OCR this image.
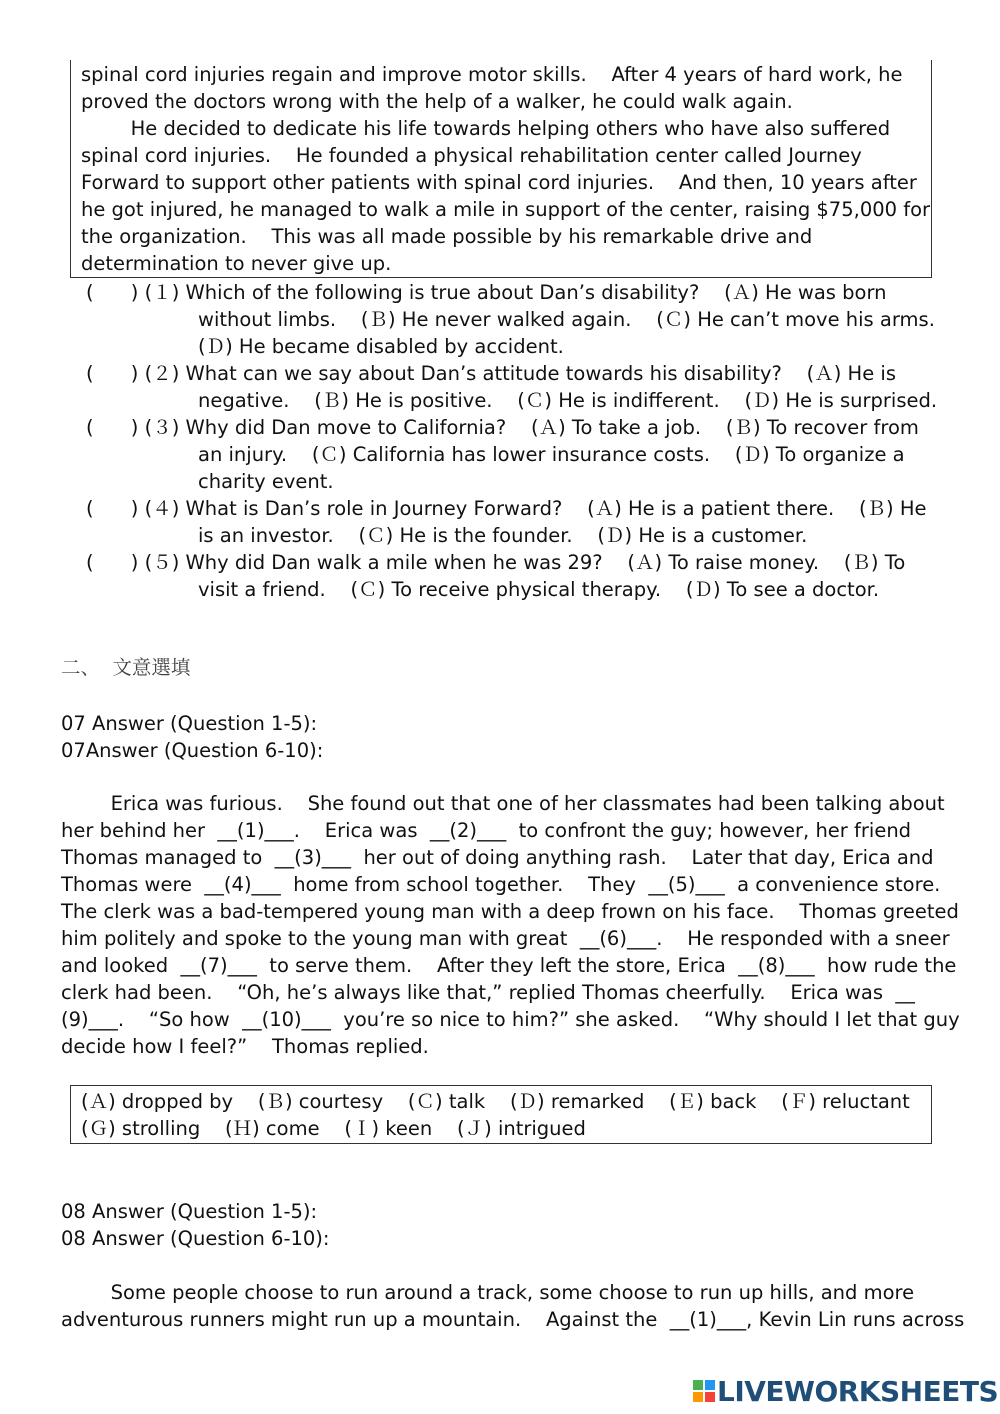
spinal cord injuries regain and improve motor skills.    After 4 years of hard work, he
proved the doctors wrong with the help of a walker, he could walk again.
He decided to dedicate his life towards helping others who have also suffered
spinal cord injuries.    He founded a physical rehabilitation center called Journey
Forward to support other patients with spinal cord injuries.    And then, 10 years after
he got injured, he managed to walk a mile in support of the center, raising $75,000 for
the organization.    This was all made possible by his remarkable drive and
determination to never give up.
(      ) (１) Which of the following is true about Dan’s disability?    (Ａ) He was born
without limbs.    (Ｂ) He never walked again.    (Ｃ) He can’t move his arms.
(Ｄ) He became disabled by accident.
(      ) (２) What can we say about Dan’s attitude towards his disability?    (Ａ) He is
negative.    (Ｂ) He is positive.    (Ｃ) He is indifferent.    (Ｄ) He is surprised.
(      ) (３) Why did Dan move to California?    (Ａ) To take a job.    (Ｂ) To recover from
an injury.    (Ｃ) California has lower insurance costs.    (Ｄ) To organize a
charity event.
(      ) (４) What is Dan’s role in Journey Forward?    (Ａ) He is a patient there.    (Ｂ) He
is an investor.    (Ｃ) He is the founder.    (Ｄ) He is a customer.
(      ) (５) Why did Dan walk a mile when he was 29?    (Ａ) To raise money.    (Ｂ) To
visit a friend.    (Ｃ) To receive physical therapy.    (Ｄ) To see a doctor.
二、  文意選填
07 Answer (Question 1-5):
07Answer (Question 6-10):
Erica was furious.    She found out that one of her classmates had been talking about
her behind her  __(1)___.    Erica was  __(2)___  to confront the guy; however, her friend
Thomas managed to  __(3)___  her out of doing anything rash.    Later that day, Erica and
Thomas were  __(4)___  home from school together.    They  __(5)___  a convenience store.
The clerk was a bad-tempered young man with a deep frown on his face.    Thomas greeted
him politely and spoke to the young man with great  __(6)___.    He responded with a sneer
and looked  __(7)___  to serve them.    After they left the store, Erica  __(8)___  how rude the
clerk had been.    “Oh, he’s always like that,” replied Thomas cheerfully.    Erica was  __
(9)___.    “So how  __(10)___  you’re so nice to him?” she asked.    “Why should I let that guy
decide how I feel?”    Thomas replied.
(Ａ) dropped by    (Ｂ) courtesy    (Ｃ) talk    (Ｄ) remarked    (Ｅ) back    (Ｆ) reluctant
(Ｇ) strolling    (Ｈ) come    (Ｉ) keen    (Ｊ) intrigued
08 Answer (Question 1-5):
08 Answer (Question 6-10):
Some people choose to run around a track, some choose to run up hills, and more
adventurous runners might run up a mountain.    Against the  __(1)___, Kevin Lin runs across
LIVEWORKSHEETS
